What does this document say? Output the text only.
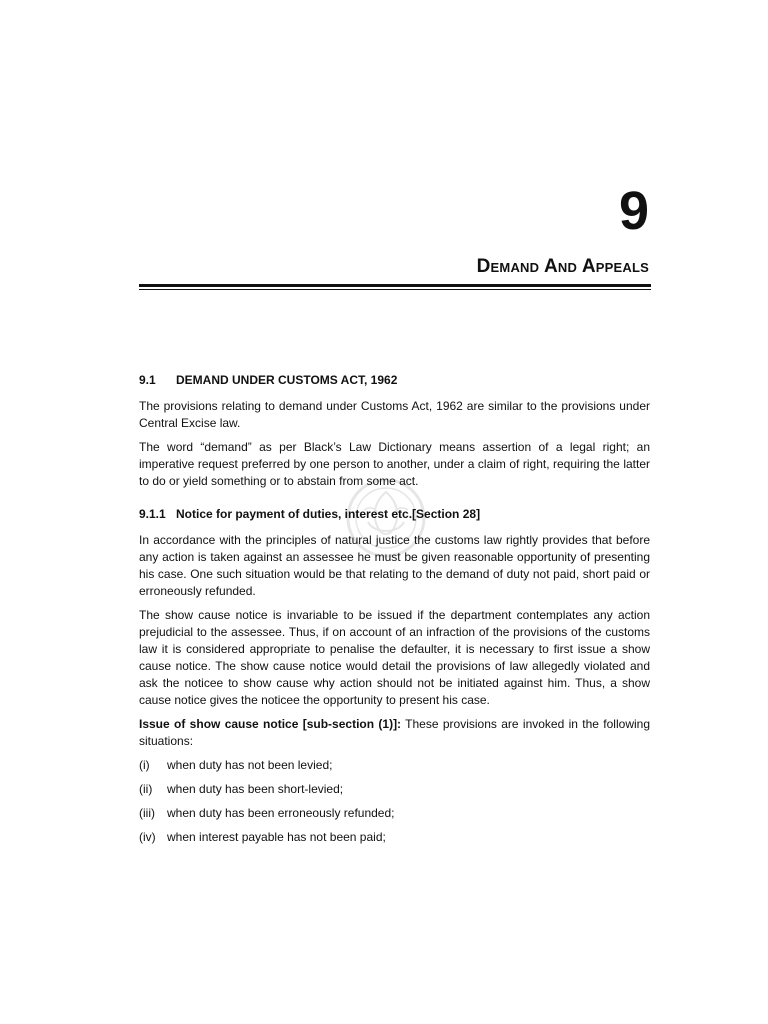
9
Demand And Appeals
9.1	DEMAND UNDER CUSTOMS ACT, 1962

The provisions relating to demand under Customs Act, 1962 are similar to the provisions under Central Excise law.

The word “demand” as per Black’s Law Dictionary means assertion of a legal right; an imperative request preferred by one person to another, under a claim of right, requiring the latter to do or yield something or to abstain from some act.

9.1.1 Notice for payment of duties, interest etc.[Section 28]

In accordance with the principles of natural justice the customs law rightly provides that before any action is taken against an assessee he must be given reasonable opportunity of presenting his case. One such situation would be that relating to the demand of duty not paid, short paid or erroneously refunded.

The show cause notice is invariable to be issued if the department contemplates any action prejudicial to the assessee. Thus, if on account of an infraction of the provisions of the customs law it is considered appropriate to penalise the defaulter, it is necessary to first issue a show cause notice. The show cause notice would detail the provisions of law allegedly violated and ask the noticee to show cause why action should not be initiated against him. Thus, a show cause notice gives the noticee the opportunity to present his case.

Issue of show cause notice [sub-section (1)]: These provisions are invoked in the following situations:

(i)	when duty has not been levied;
(ii)	when duty has been short-levied;
(iii)	when duty has been erroneously refunded;
(iv) when interest payable has not been paid;
